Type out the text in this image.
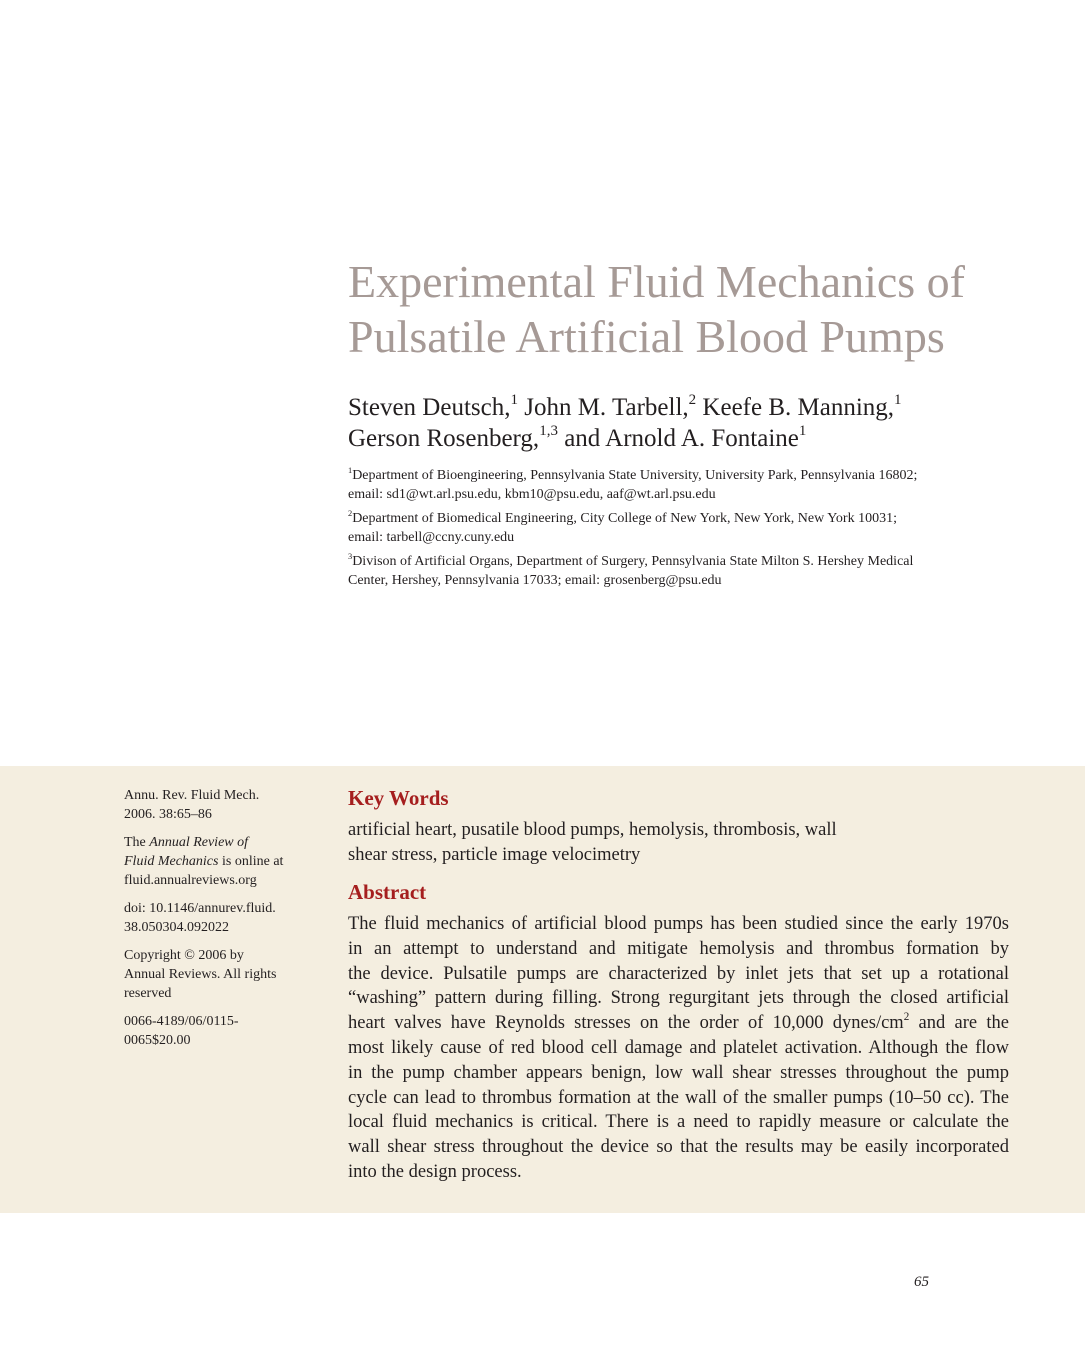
Experimental Fluid Mechanics of
Pulsatile Artificial Blood Pumps
Steven Deutsch,$^1$ John M. Tarbell,$^2$ Keefe B. Manning,$^1$
Gerson Rosenberg,$^{1,3}$ and Arnold A. Fontaine$^1$
$^1$Department of Bioengineering, Pennsylvania State University, University Park, Pennsylvania 16802;
email: sd1@wt.arl.psu.edu, kbm10@psu.edu, aaf@wt.arl.psu.edu
$^2$Department of Biomedical Engineering, City College of New York, New York, New York 10031;
email: tarbell@ccny.cuny.edu
$^3$Divison of Artificial Organs, Department of Surgery, Pennsylvania State Milton S. Hershey Medical
Center, Hershey, Pennsylvania 17033; email: grosenberg@psu.edu

Annu. Rev. Fluid Mech.
2006. 38:65–86

The Annual Review of
Fluid Mechanics is online at
fluid.annualreviews.org

doi: 10.1146/annurev.fluid.
38.050304.092022

Copyright © 2006 by
Annual Reviews. All rights
reserved

0066-4189/06/0115-
0065$20.00

Key Words
artificial heart, pusatile blood pumps, hemolysis, thrombosis, wall
shear stress, particle image velocimetry
Abstract
The fluid mechanics of artificial blood pumps has been studied since the early 1970s
in an attempt to understand and mitigate hemolysis and thrombus formation by
the device. Pulsatile pumps are characterized by inlet jets that set up a rotational
“washing” pattern during filling. Strong regurgitant jets through the closed artificial
heart valves have Reynolds stresses on the order of 10,000 dynes/$cm^2$ and are the
most likely cause of red blood cell damage and platelet activation. Although the flow
in the pump chamber appears benign, low wall shear stresses throughout the pump
cycle can lead to thrombus formation at the wall of the smaller pumps (10–50 cc). The
local fluid mechanics is critical. There is a need to rapidly measure or calculate the
wall shear stress throughout the device so that the results may be easily incorporated
into the design process.
65
